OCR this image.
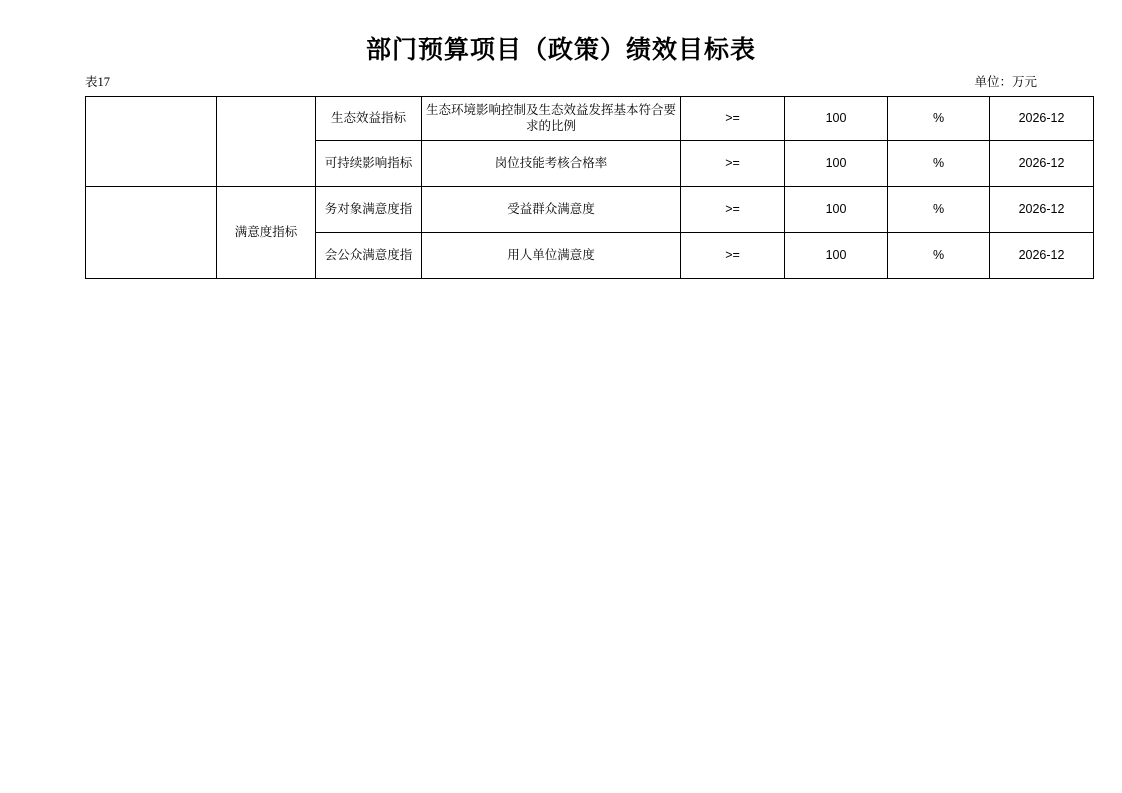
部门预算项目（政策）绩效目标表
表17	单位：万元
		生态效益指标	生态环境影响控制及生态效益发挥基本符合要求的比例	>=	100	%	2026-12
		可持续影响指标	岗位技能考核合格率	>=	100	%	2026-12
	满意度指标	务对象满意度指	受益群众满意度	>=	100	%	2026-12
		会公众满意度指	用人单位满意度	>=	100	%	2026-12
